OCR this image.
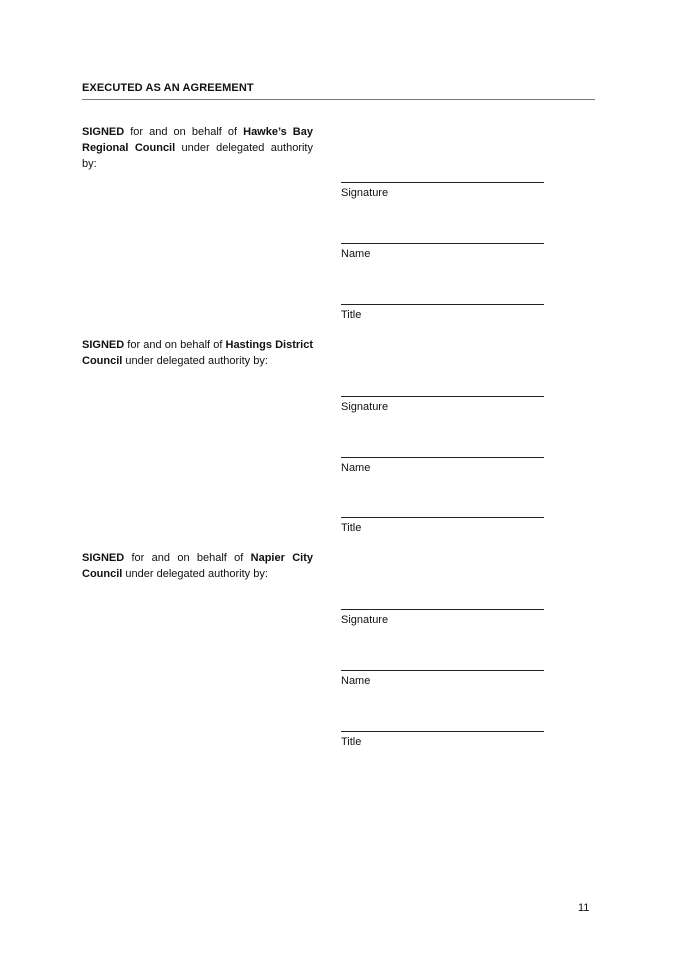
EXECUTED AS AN AGREEMENT
SIGNED for and on behalf of Hawke’s Bay Regional Council under delegated authority by:
Signature
Name
Title
SIGNED for and on behalf of Hastings District Council under delegated authority by:
Signature
Name
Title
SIGNED for and on behalf of Napier City Council under delegated authority by:
Signature
Name
Title
11
